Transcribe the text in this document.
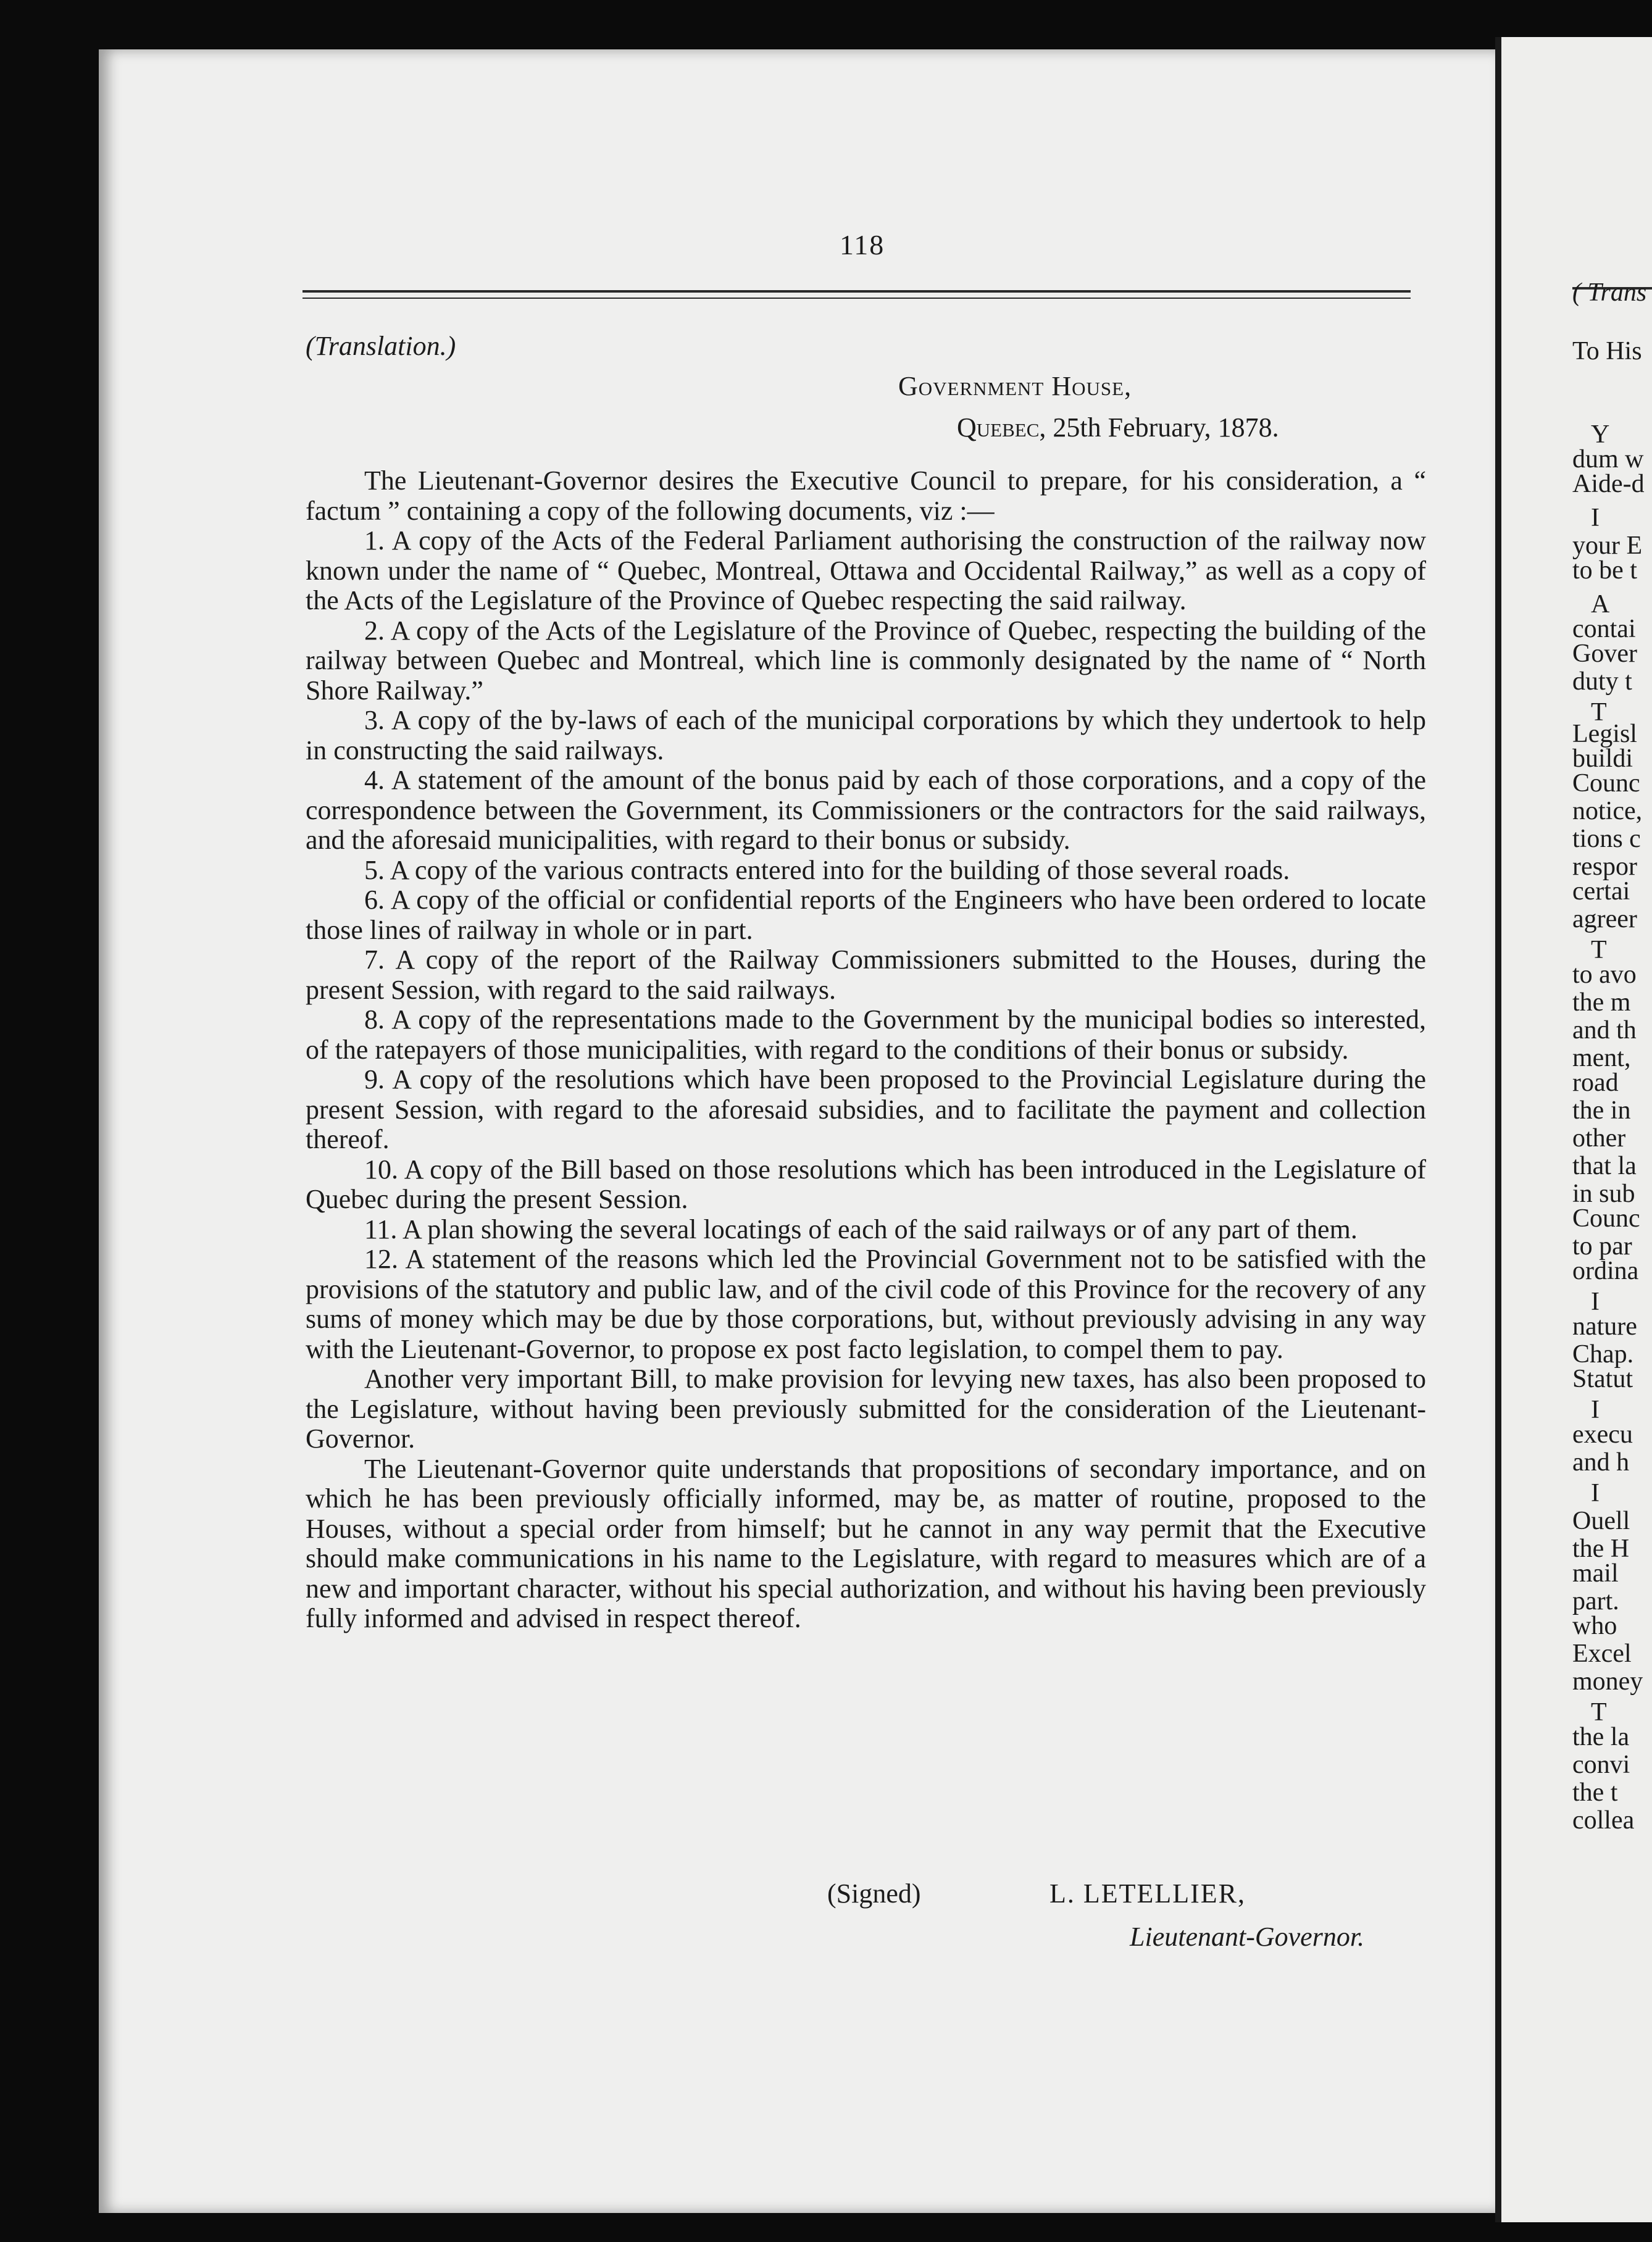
118
(Translation.)
Government House,
Quebec, 25th February, 1878.

The Lieutenant-Governor desires the Executive Council to prepare, for his consideration, a “ factum ” containing a copy of the following documents, viz :—

1. A copy of the Acts of the Federal Parliament authorising the construction of the railway now known under the name of “ Quebec, Montreal, Ottawa and Occidental Railway,” as well as a copy of the Acts of the Legislature of the Province of Quebec respecting the said railway.

2. A copy of the Acts of the Legislature of the Province of Quebec, respecting the building of the railway between Quebec and Montreal, which line is commonly designated by the name of “ North Shore Railway.”

3. A copy of the by-laws of each of the municipal corporations by which they undertook to help in constructing the said railways.

4. A statement of the amount of the bonus paid by each of those corporations, and a copy of the correspondence between the Government, its Commissioners or the contractors for the said railways, and the aforesaid municipalities, with regard to their bonus or subsidy.

5. A copy of the various contracts entered into for the building of those several roads.

6. A copy of the official or confidential reports of the Engineers who have been ordered to locate those lines of railway in whole or in part.

7. A copy of the report of the Railway Commissioners submitted to the Houses, during the present Session, with regard to the said railways.

8. A copy of the representations made to the Government by the municipal bodies so interested, of the ratepayers of those municipalities, with regard to the conditions of their bonus or subsidy.

9. A copy of the resolutions which have been proposed to the Provincial Legislature during the present Session, with regard to the aforesaid subsidies, and to facilitate the payment and collection thereof.

10. A copy of the Bill based on those resolutions which has been introduced in the Legislature of Quebec during the present Session.

11. A plan showing the several locatings of each of the said railways or of any part of them.

12. A statement of the reasons which led the Provincial Government not to be satisfied with the provisions of the statutory and public law, and of the civil code of this Province for the recovery of any sums of money which may be due by those corporations, but, without previously advising in any way with the Lieutenant-Governor, to propose ex post facto legislation, to compel them to pay.

Another very important Bill, to make provision for levying new taxes, has also been proposed to the Legislature, without having been previously submitted for the consideration of the Lieutenant-Governor.

The Lieutenant-Governor quite understands that propositions of secondary importance, and on which he has been previously officially informed, may be, as matter of routine, proposed to the Houses, without a special order from himself; but he cannot in any way permit that the Executive should make communications in his name to the Legislature, with regard to measures which are of a new and important character, without his special authorization, and without his having been previously fully informed and advised in respect thereof.

(Signed)	L. LETELLIER,
Lieutenant-Governor.
( Trans
To His
Y
dum w
Aide-d
I
your E
to be t
A
contai
Gover
duty t
T
Legisl
buildi
Counc
notice,
tions c
respor
certai
agreer
T
to avo
the m
and th
ment,
road
the in
other
that la
in sub
Counc
to par
ordina
I
nature
Chap.
Statut
I
execu
and h
I
Ouell
the H
mail
part.
who
Excel
money
T
the la
convi
the t
collea
